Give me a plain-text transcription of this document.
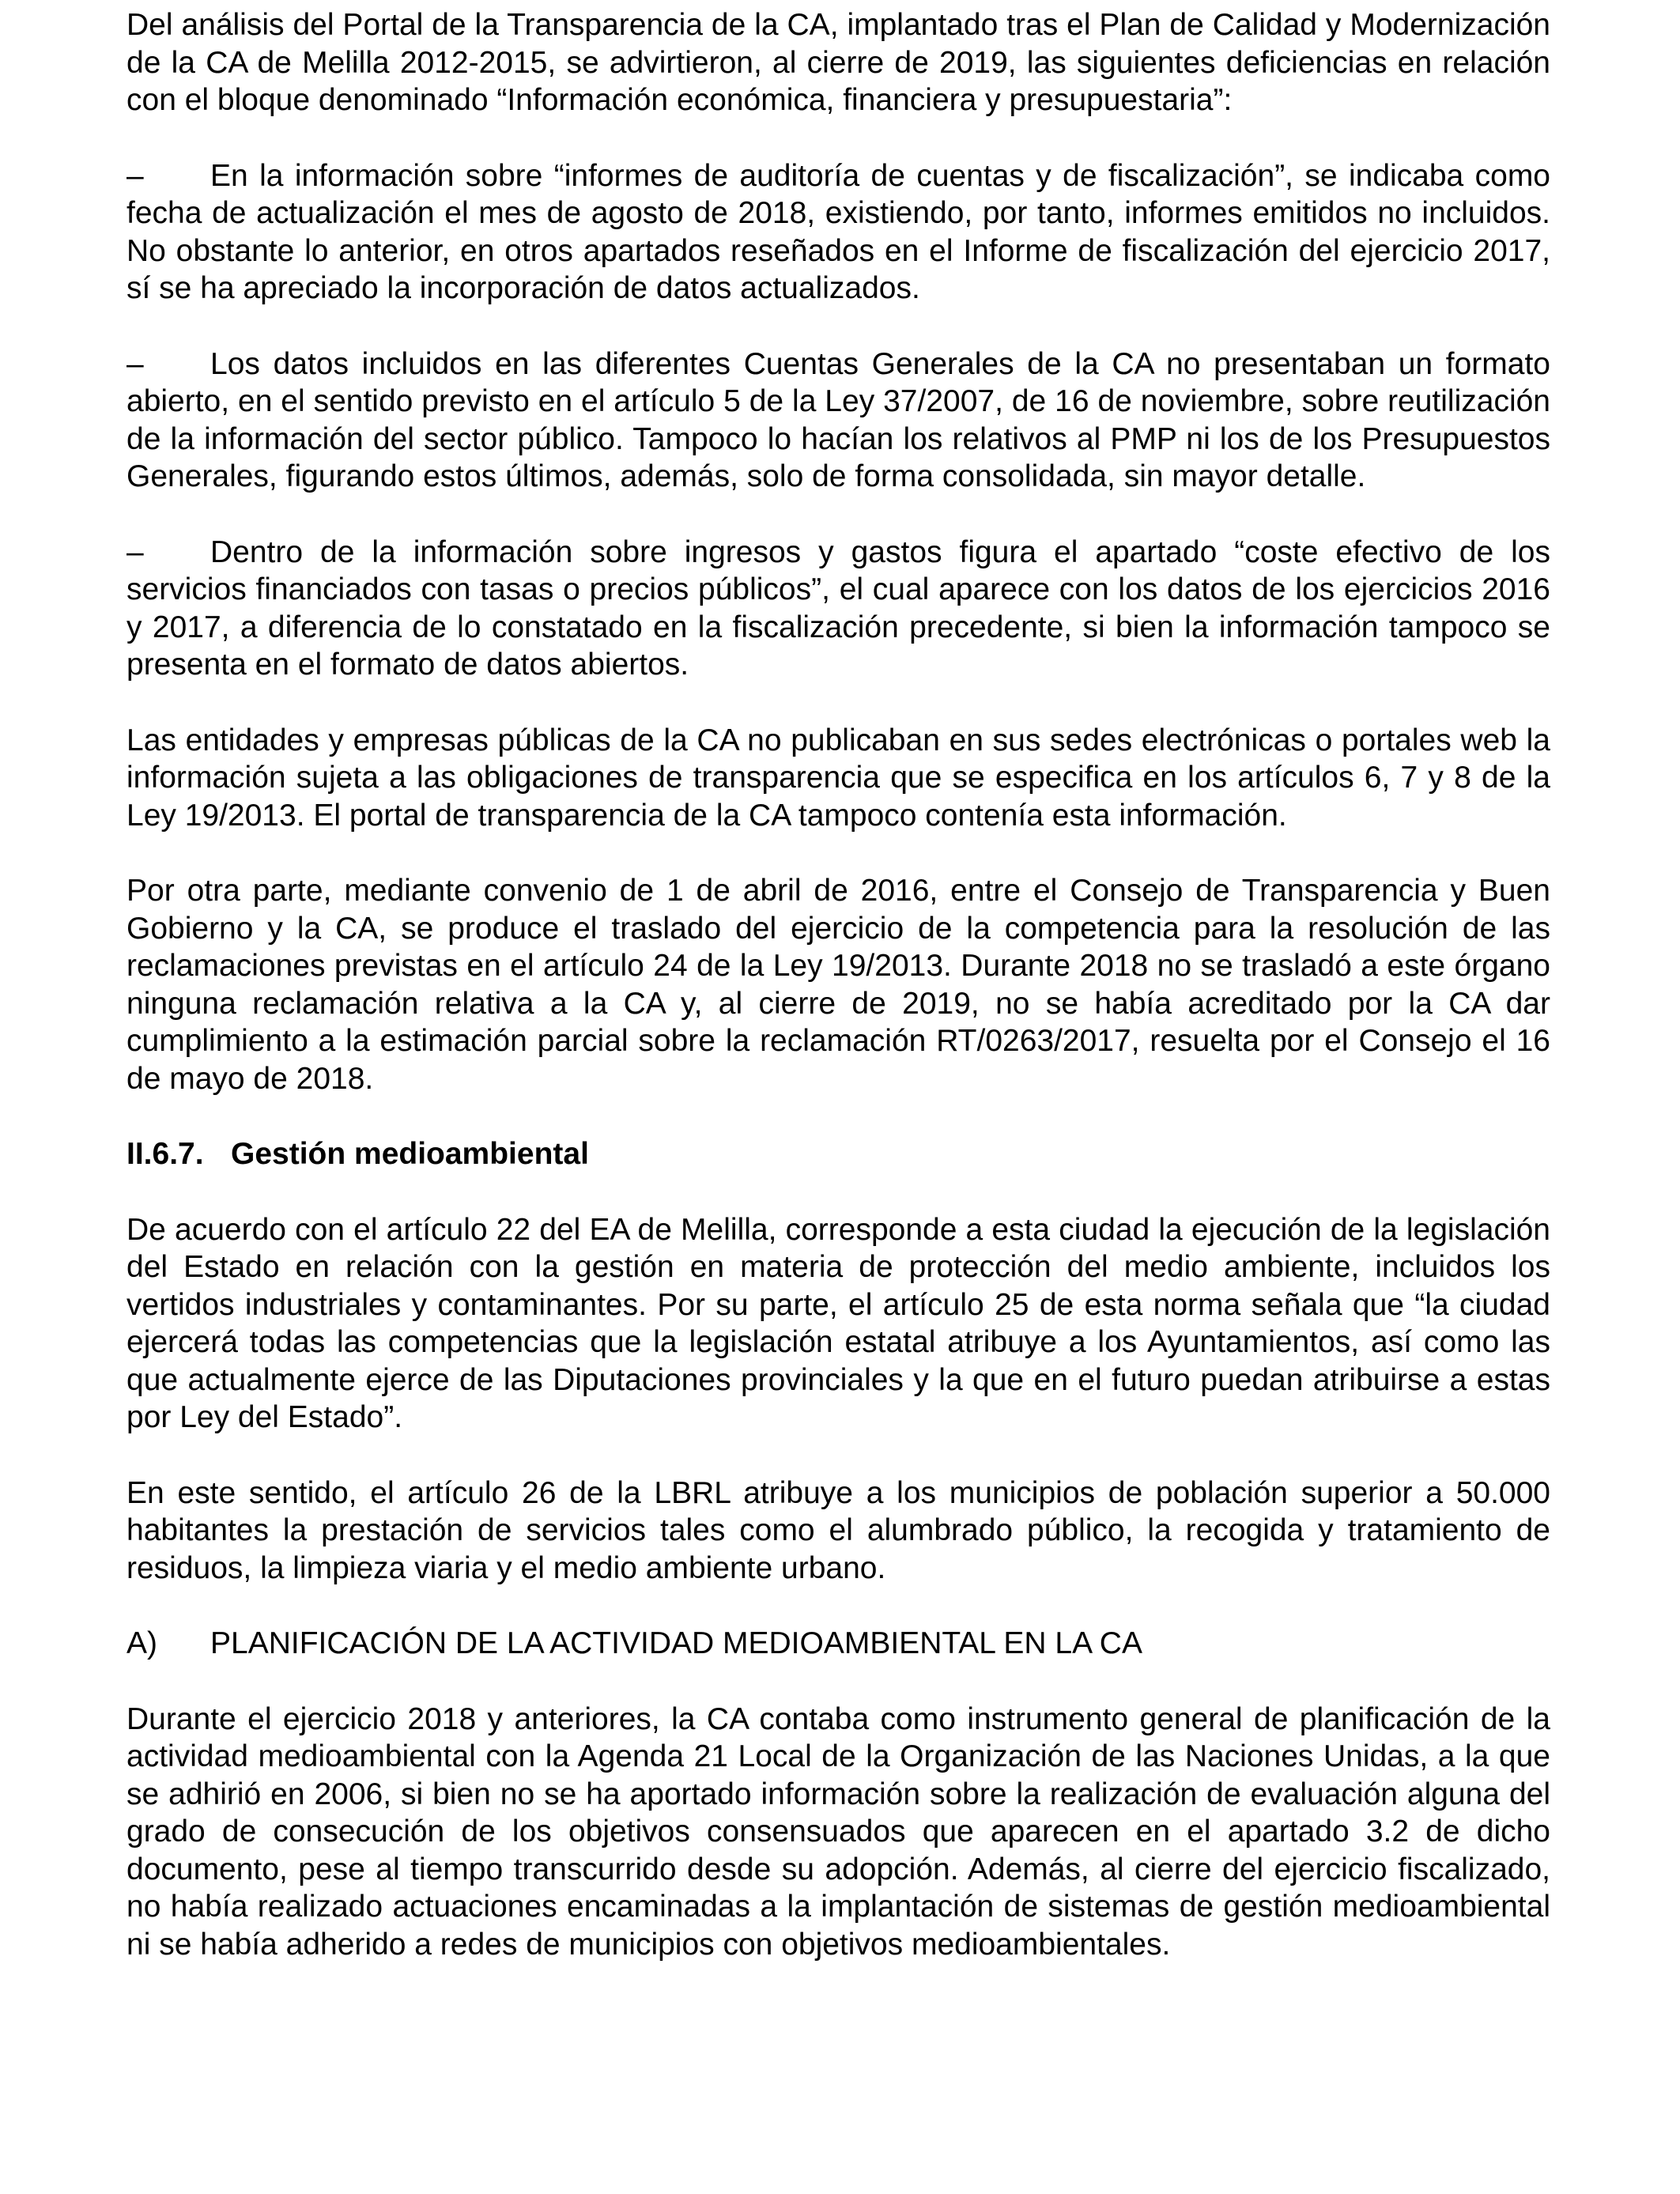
Del análisis del Portal de la Transparencia de la CA, implantado tras el Plan de Calidad y Modernización de la CA de Melilla 2012-2015, se advirtieron, al cierre de 2019, las siguientes deficiencias en relación con el bloque denominado “Información económica, financiera y presupuestaria”:

–	En la información sobre “informes de auditoría de cuentas y de fiscalización”, se indicaba como fecha de actualización el mes de agosto de 2018, existiendo, por tanto, informes emitidos no incluidos. No obstante lo anterior, en otros apartados reseñados en el Informe de fiscalización del ejercicio 2017, sí se ha apreciado la incorporación de datos actualizados.

–	Los datos incluidos en las diferentes Cuentas Generales de la CA no presentaban un formato abierto, en el sentido previsto en el artículo 5 de la Ley 37/2007, de 16 de noviembre, sobre reutilización de la información del sector público. Tampoco lo hacían los relativos al PMP ni los de los Presupuestos Generales, figurando estos últimos, además, solo de forma consolidada, sin mayor detalle.

–	Dentro de la información sobre ingresos y gastos figura el apartado “coste efectivo de los servicios financiados con tasas o precios públicos”, el cual aparece con los datos de los ejercicios 2016 y 2017, a diferencia de lo constatado en la fiscalización precedente, si bien la información tampoco se presenta en el formato de datos abiertos.

Las entidades y empresas públicas de la CA no publicaban en sus sedes electrónicas o portales web la información sujeta a las obligaciones de transparencia que se especifica en los artículos 6, 7 y 8 de la Ley 19/2013. El portal de transparencia de la CA tampoco contenía esta información.

Por otra parte, mediante convenio de 1 de abril de 2016, entre el Consejo de Transparencia y Buen Gobierno y la CA, se produce el traslado del ejercicio de la competencia para la resolución de las reclamaciones previstas en el artículo 24 de la Ley 19/2013. Durante 2018 no se trasladó a este órgano ninguna reclamación relativa a la CA y, al cierre de 2019, no se había acreditado por la CA dar cumplimiento a la estimación parcial sobre la reclamación RT/0263/2017, resuelta por el Consejo el 16 de mayo de 2018.

II.6.7. Gestión medioambiental

De acuerdo con el artículo 22 del EA de Melilla, corresponde a esta ciudad la ejecución de la legislación del Estado en relación con la gestión en materia de protección del medio ambiente, incluidos los vertidos industriales y contaminantes. Por su parte, el artículo 25 de esta norma señala que “la ciudad ejercerá todas las competencias que la legislación estatal atribuye a los Ayuntamientos, así como las que actualmente ejerce de las Diputaciones provinciales y la que en el futuro puedan atribuirse a estas por Ley del Estado”.

En este sentido, el artículo 26 de la LBRL atribuye a los municipios de población superior a 50.000 habitantes la prestación de servicios tales como el alumbrado público, la recogida y tratamiento de residuos, la limpieza viaria y el medio ambiente urbano.

A) PLANIFICACIÓN DE LA ACTIVIDAD MEDIOAMBIENTAL EN LA CA

Durante el ejercicio 2018 y anteriores, la CA contaba como instrumento general de planificación de la actividad medioambiental con la Agenda 21 Local de la Organización de las Naciones Unidas, a la que se adhirió en 2006, si bien no se ha aportado información sobre la realización de evaluación alguna del grado de consecución de los objetivos consensuados que aparecen en el apartado 3.2 de dicho documento, pese al tiempo transcurrido desde su adopción. Además, al cierre del ejercicio fiscalizado, no había realizado actuaciones encaminadas a la implantación de sistemas de gestión medioambiental ni se había adherido a redes de municipios con objetivos medioambientales.
